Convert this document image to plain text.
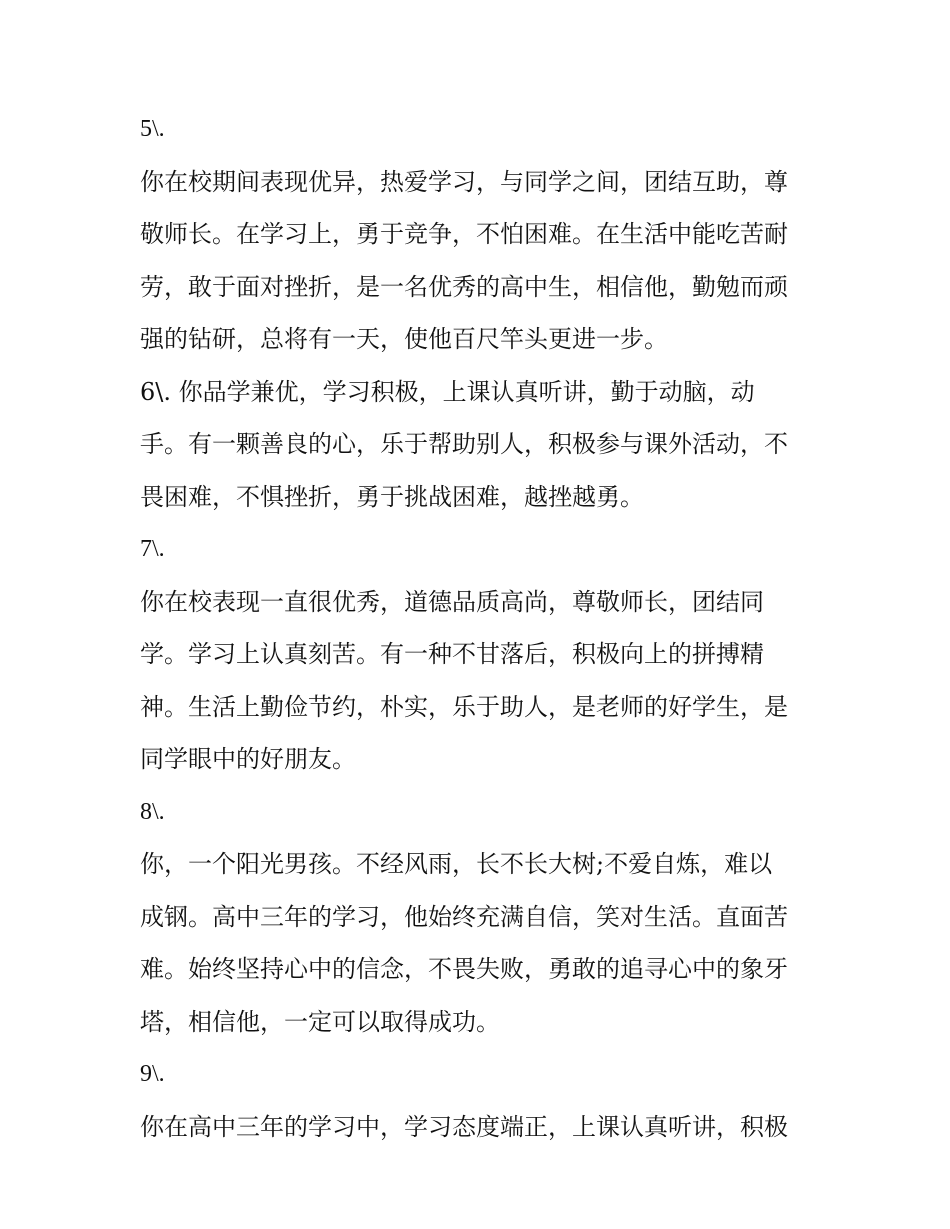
5\.
你在校期间表现优异，热爱学习，与同学之间，团结互助，尊
敬师长。在学习上，勇于竞争，不怕困难。在生活中能吃苦耐
劳，敢于面对挫折，是一名优秀的高中生，相信他，勤勉而顽
强的钻研，总将有一天，使他百尺竿头更进一步。
6\. 你品学兼优，学习积极，上课认真听讲，勤于动脑，动
手。有一颗善良的心，乐于帮助别人，积极参与课外活动，不
畏困难，不惧挫折，勇于挑战困难，越挫越勇。
7\.
你在校表现一直很优秀，道德品质高尚，尊敬师长，团结同
学。学习上认真刻苦。有一种不甘落后，积极向上的拼搏精
神。生活上勤俭节约，朴实，乐于助人，是老师的好学生，是
同学眼中的好朋友。
8\.
你，一个阳光男孩。不经风雨，长不长大树;不爱自炼，难以
成钢。高中三年的学习，他始终充满自信，笑对生活。直面苦
难。始终坚持心中的信念，不畏失败，勇敢的追寻心中的象牙
塔，相信他，一定可以取得成功。
9\.
你在高中三年的学习中，学习态度端正，上课认真听讲，积极
